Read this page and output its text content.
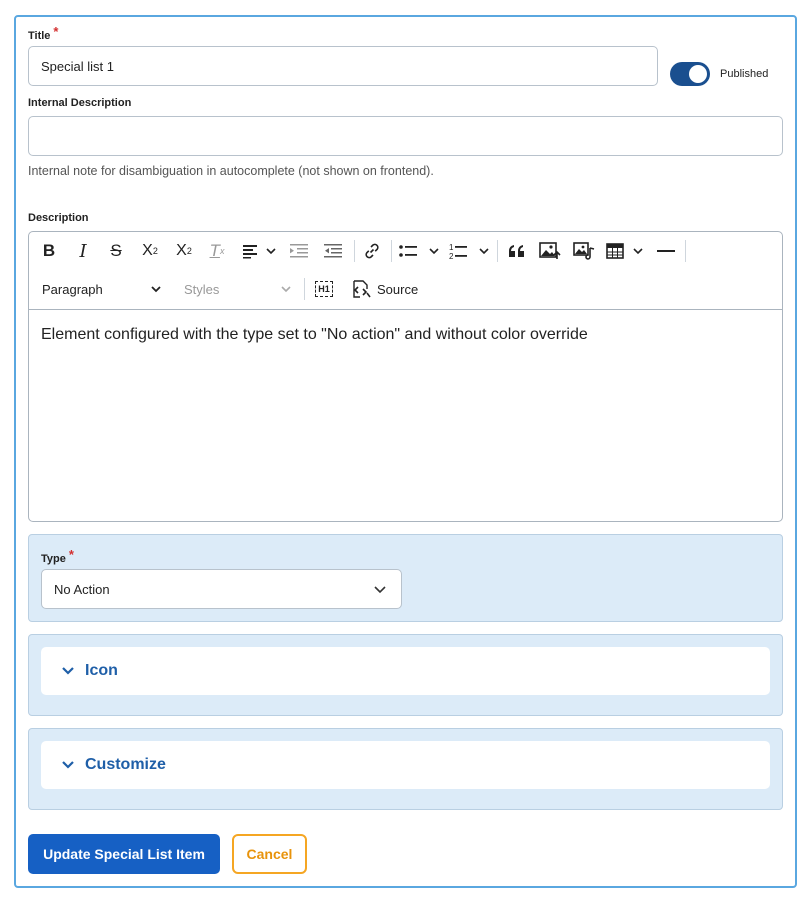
Title *
Special list 1
Published
Internal Description
Internal note for disambiguation in autocomplete (not shown on frontend).
Description
B I S X 2 X 2 T x	1
2
Paragraph	Styles	H1	Source
Element configured with the type set to "No action" and without color override
Type *
No Action
Icon
Customize
Update Special List Item	Cancel
